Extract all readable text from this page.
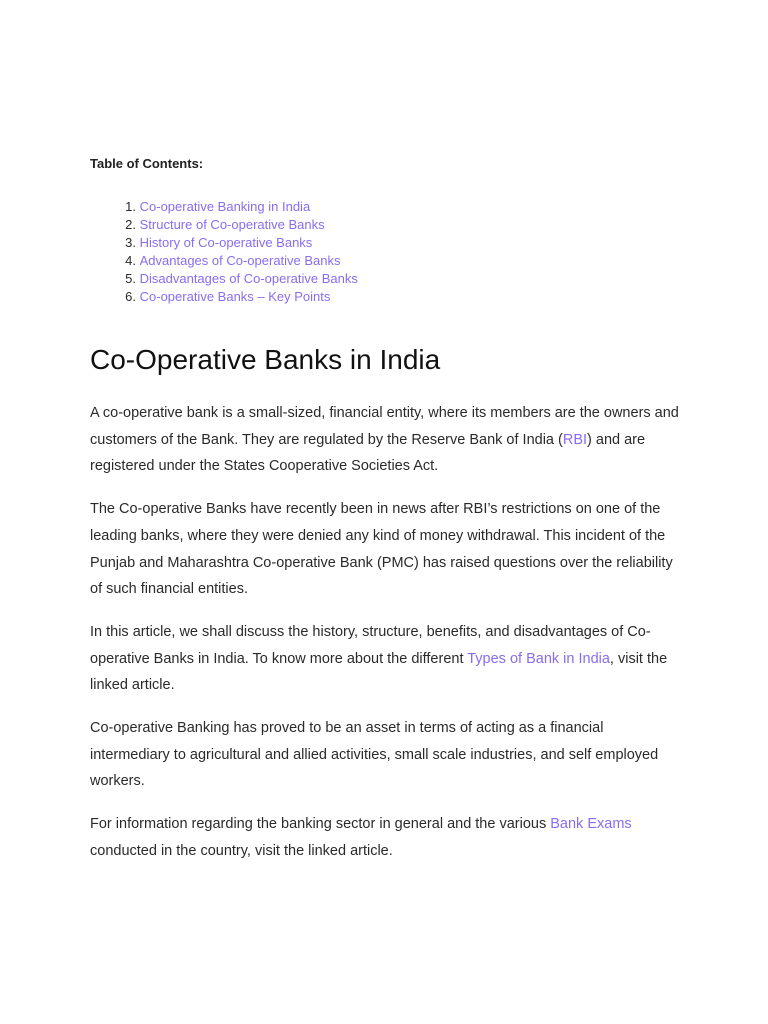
Table of Contents:

1. Co-operative Banking in India
2. Structure of Co-operative Banks
3. History of Co-operative Banks
4. Advantages of Co-operative Banks
5. Disadvantages of Co-operative Banks
6. Co-operative Banks – Key Points
Co-Operative Banks in India

A co-operative bank is a small-sized, financial entity, where its members are the owners and customers of the Bank. They are regulated by the Reserve Bank of India (RBI) and are registered under the States Cooperative Societies Act.

The Co-operative Banks have recently been in news after RBI’s restrictions on one of the leading banks, where they were denied any kind of money withdrawal. This incident of the Punjab and Maharashtra Co-operative Bank (PMC) has raised questions over the reliability of such financial entities.

In this article, we shall discuss the history, structure, benefits, and disadvantages of Co-operative Banks in India. To know more about the different Types of Bank in India, visit the linked article.

Co-operative Banking has proved to be an asset in terms of acting as a financial intermediary to agricultural and allied activities, small scale industries, and self employed workers.

For information regarding the banking sector in general and the various Bank Exams conducted in the country, visit the linked article.
